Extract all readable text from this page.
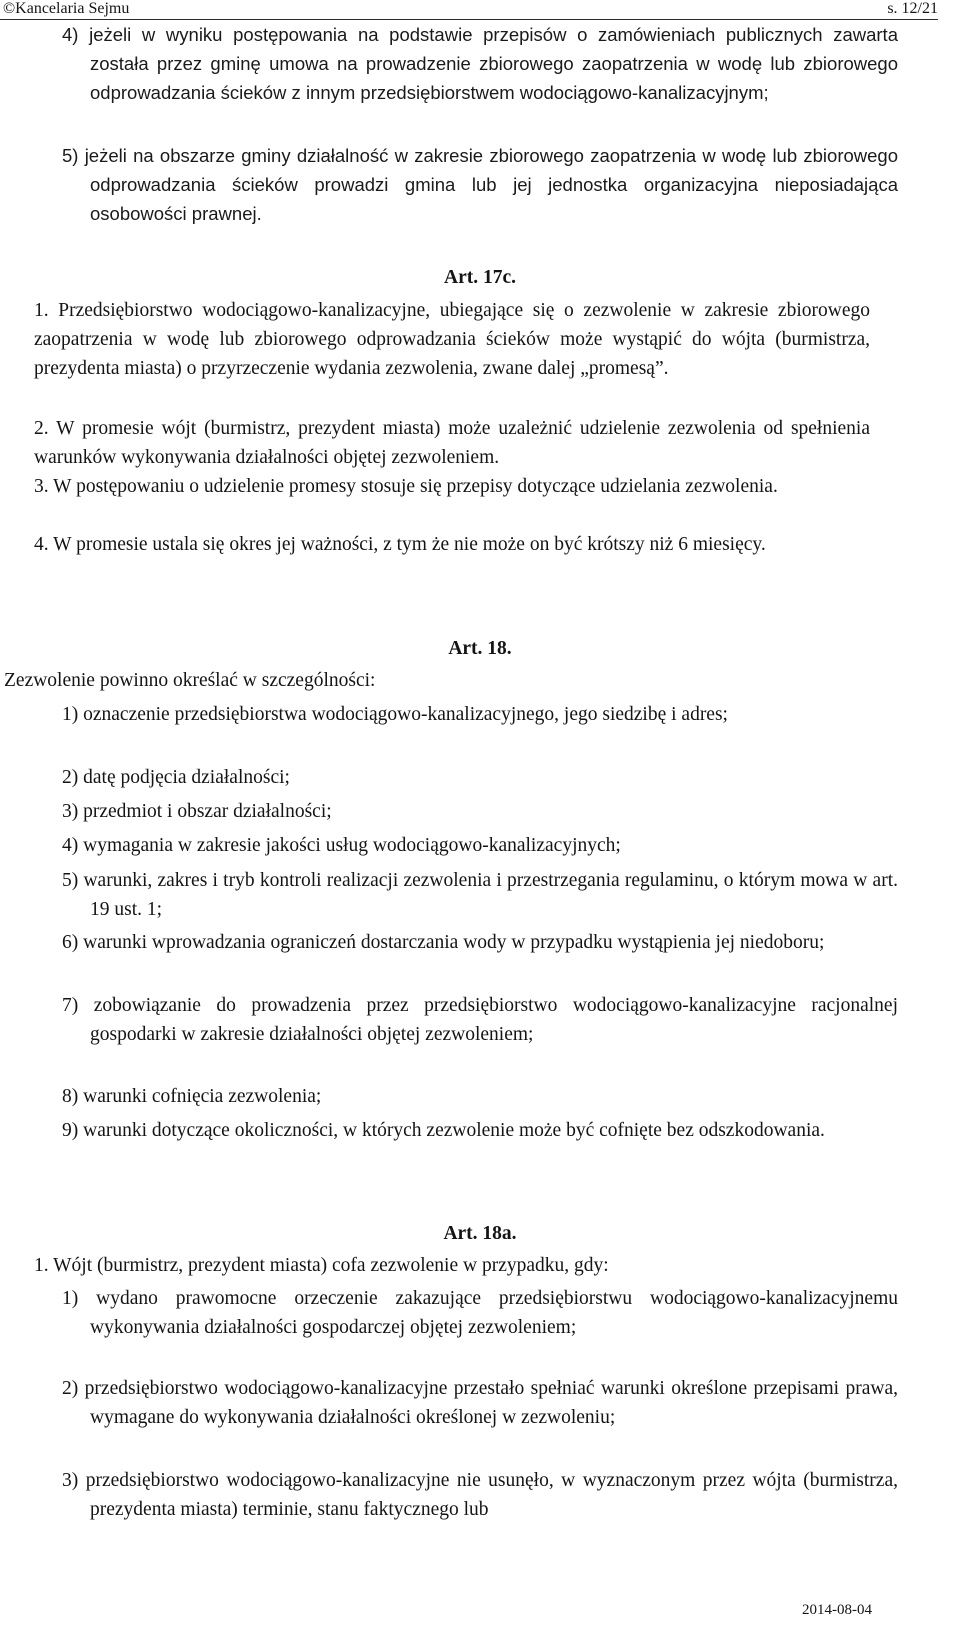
©Kancelaria Sejmu	s. 12/21
4) jeżeli w wyniku postępowania na podstawie przepisów o zamówieniach publicznych zawarta została przez gminę umowa na prowadzenie zbiorowego zaopatrzenia w wodę lub zbiorowego odprowadzania ścieków z innym przedsiębiorstwem wodociągowo-kanalizacyjnym;
5) jeżeli na obszarze gminy działalność w zakresie zbiorowego zaopatrzenia w wodę lub zbiorowego odprowadzania ścieków prowadzi gmina lub jej jednostka organizacyjna nieposiadająca osobowości prawnej.
Art. 17c.
1. Przedsiębiorstwo wodociągowo-kanalizacyjne, ubiegające się o zezwolenie w zakresie zbiorowego zaopatrzenia w wodę lub zbiorowego odprowadzania ścieków może wystąpić do wójta (burmistrza, prezydenta miasta) o przyrzeczenie wydania zezwolenia, zwane dalej „promesą”.
2. W promesie wójt (burmistrz, prezydent miasta) może uzależnić udzielenie zezwolenia od spełnienia warunków wykonywania działalności objętej zezwoleniem.
3. W postępowaniu o udzielenie promesy stosuje się przepisy dotyczące udzielania zezwolenia.
4. W promesie ustala się okres jej ważności, z tym że nie może on być krótszy niż 6 miesięcy.
Art. 18.
Zezwolenie powinno określać w szczególności:
1) oznaczenie przedsiębiorstwa wodociągowo-kanalizacyjnego, jego siedzibę i adres;
2) datę podjęcia działalności;
3) przedmiot i obszar działalności;
4) wymagania w zakresie jakości usług wodociągowo-kanalizacyjnych;
5) warunki, zakres i tryb kontroli realizacji zezwolenia i przestrzegania regulaminu, o którym mowa w art. 19 ust. 1;
6) warunki wprowadzania ograniczeń dostarczania wody w przypadku wystąpienia jej niedoboru;
7) zobowiązanie do prowadzenia przez przedsiębiorstwo wodociągowo-kanalizacyjne racjonalnej gospodarki w zakresie działalności objętej zezwoleniem;
8) warunki cofnięcia zezwolenia;
9) warunki dotyczące okoliczności, w których zezwolenie może być cofnięte bez odszkodowania.
Art. 18a.
1. Wójt (burmistrz, prezydent miasta) cofa zezwolenie w przypadku, gdy:
1) wydano prawomocne orzeczenie zakazujące przedsiębiorstwu wodociągowo-kanalizacyjnemu wykonywania działalności gospodarczej objętej zezwoleniem;
2) przedsiębiorstwo wodociągowo-kanalizacyjne przestało spełniać warunki określone przepisami prawa, wymagane do wykonywania działalności określonej w zezwoleniu;
3) przedsiębiorstwo wodociągowo-kanalizacyjne nie usunęło, w wyznaczonym przez wójta (burmistrza, prezydenta miasta) terminie, stanu faktycznego lub
2014-08-04
